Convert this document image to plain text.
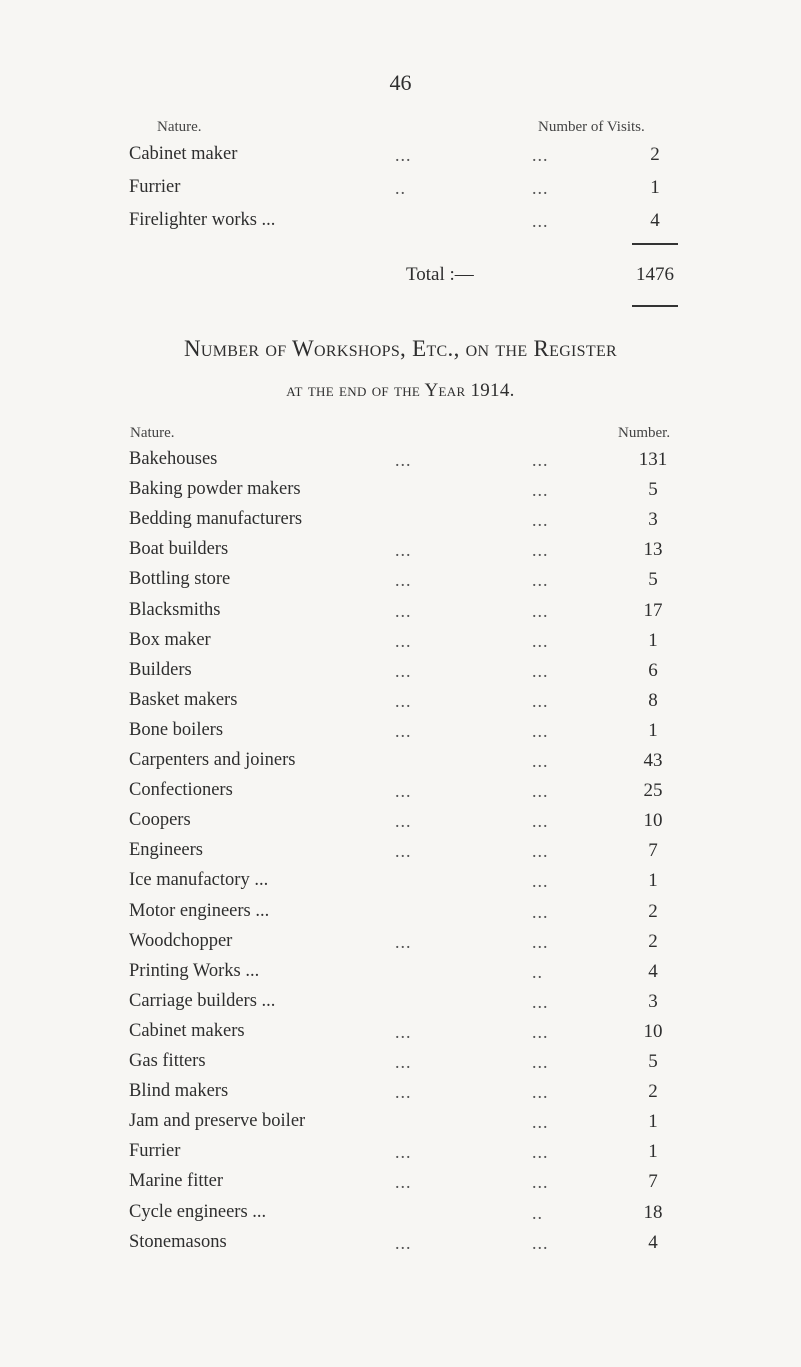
46
Nature.	Number of Visits.
Cabinet maker	...	...	2
Furrier	..	...	1
Firelighter works ...	...	4
Total :—	1476
Number of Workshops, Etc., on the Register
at the end of the Year 1914.
Nature.	Number.
Bakehouses	...	...	131
Baking powder makers	...	5
Bedding manufacturers	...	3
Boat builders	...	...	13
Bottling store	...	...	5
Blacksmiths	...	...	17
Box maker	...	...	1
Builders	...	...	6
Basket makers	...	...	8
Bone boilers	...	...	1
Carpenters and joiners	...	43
Confectioners	...	...	25
Coopers	...	...	10
Engineers	...	...	7
Ice manufactory ...	...	1
Motor engineers ...	...	2
Woodchopper	...	...	2
Printing Works ...	..	4
Carriage builders ...	...	3
Cabinet makers	...	...	10
Gas fitters	...	...	5
Blind makers	...	...	2
Jam and preserve boiler	...	1
Furrier	...	...	1
Marine fitter	...	...	7
Cycle engineers ...	..	18
Stonemasons	...	...	4
